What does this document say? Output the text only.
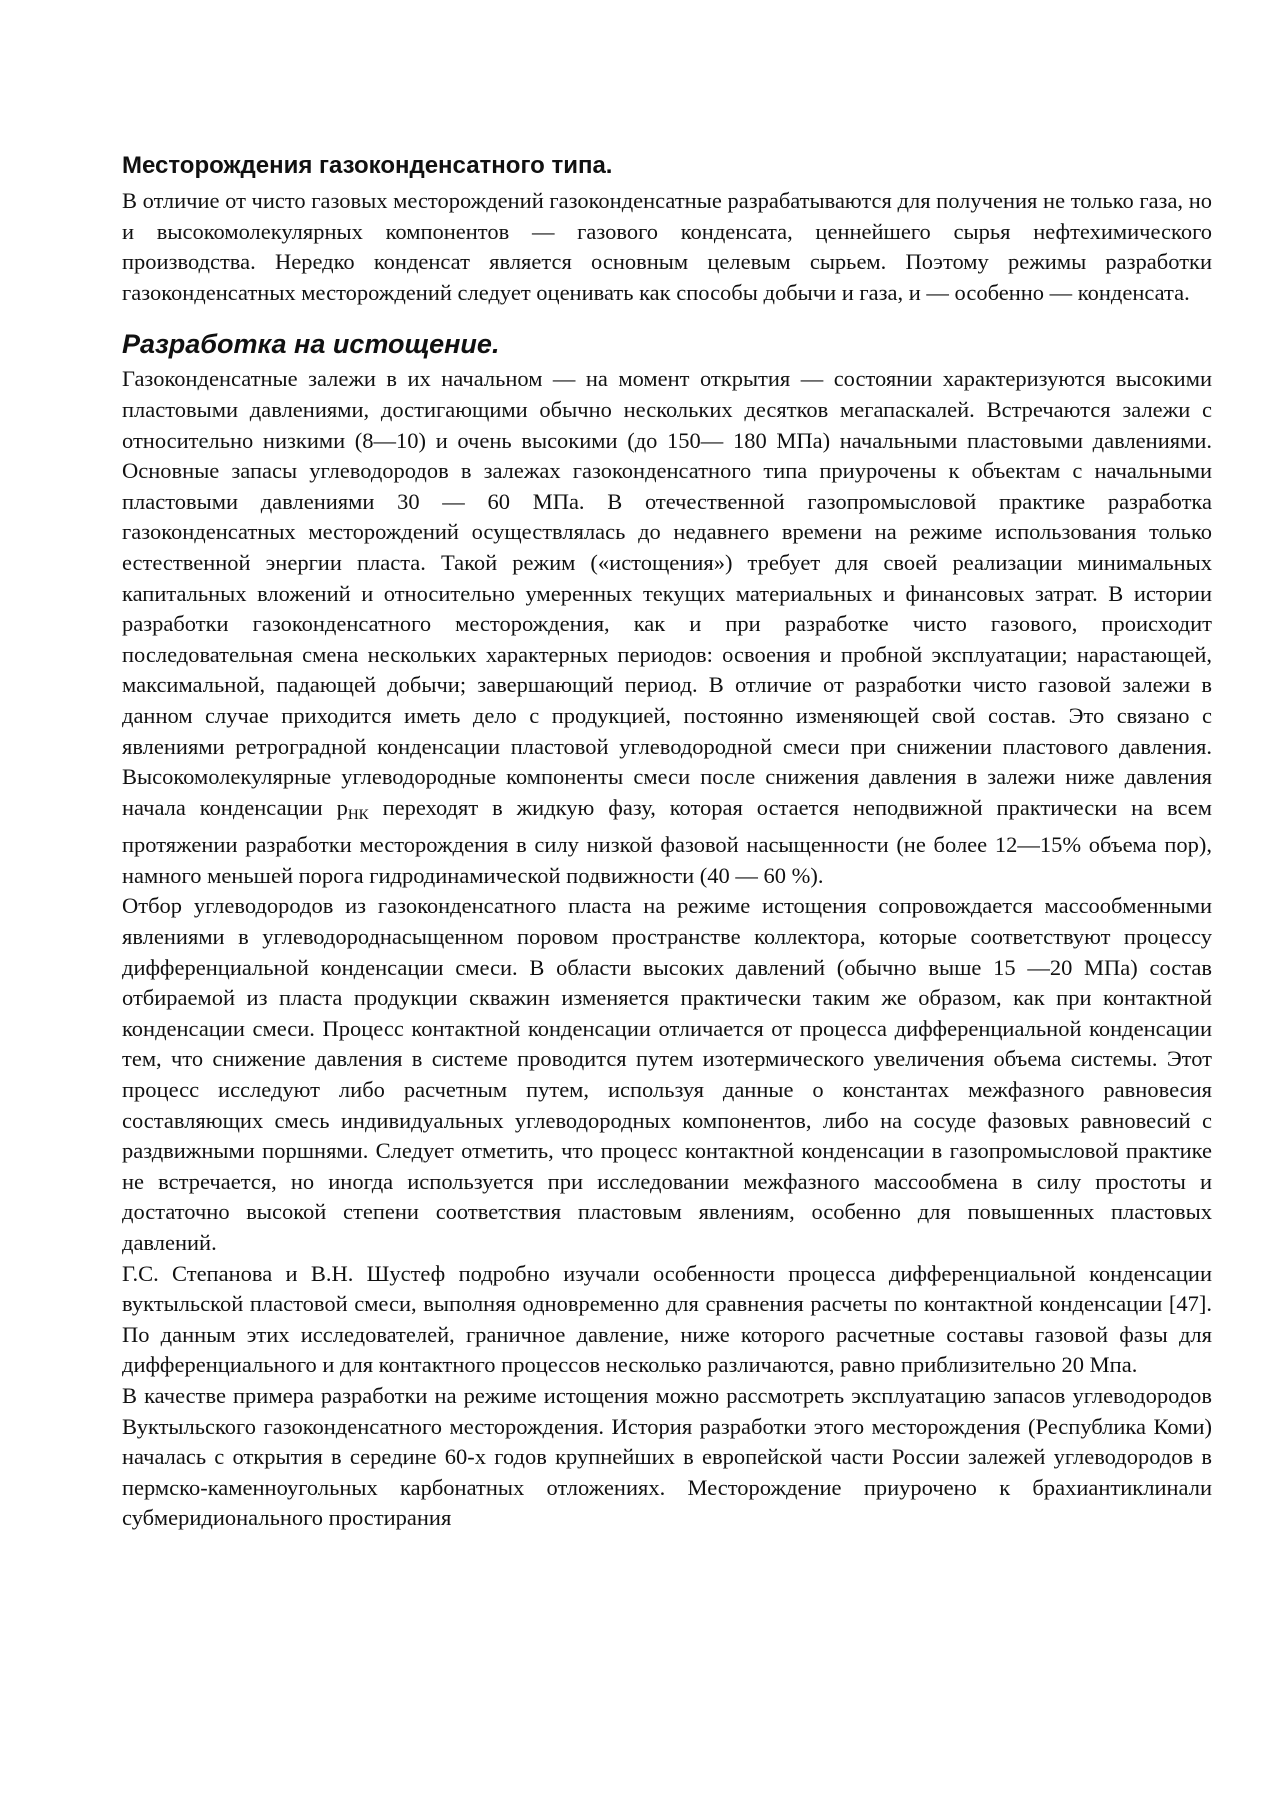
Месторождения газоконденсатного типа.

В отличие от чисто газовых месторождений газоконденсатные разрабатываются для получения не только газа, но и высокомолекулярных компонентов — газового конденсата, ценнейшего сырья нефтехимического производства. Нередко конденсат является основным целевым сырьем. Поэтому режимы разработки газоконденсатных месторождений следует оценивать как способы добычи и газа, и — особенно — конденсата.

Разработка на истощение.

Газоконденсатные залежи в их начальном — на момент открытия — состоянии характеризуются высокими пластовыми давлениями, достигающими обычно нескольких десятков мегапаскалей. Встречаются залежи с относительно низкими (8—10) и очень высокими (до 150— 180 МПа) начальными пластовыми давлениями. Основные запасы углеводородов в залежах газоконденсатного типа приурочены к объектам с начальными пластовыми давлениями 30 — 60 МПа. В отечественной газопромысловой практике разработка газоконденсатных месторождений осуществлялась до недавнего времени на режиме использования только естественной энергии пласта. Такой режим («истощения») требует для своей реализации минимальных капитальных вложений и относительно умеренных текущих материальных и финансовых затрат. В истории разработки газоконденсатного месторождения, как и при разработке чисто газового, происходит последовательная смена нескольких характерных периодов: освоения и пробной эксплуатации; нарастающей, максимальной, падающей добычи; завершающий период. В отличие от разработки чисто газовой залежи в данном случае приходится иметь дело с продукцией, постоянно изменяющей свой состав. Это связано с явлениями ретроградной конденсации пластовой углеводородной смеси при снижении пластового давления. Высокомолекулярные углеводородные компоненты смеси после снижения давления в залежи ниже давления начала конденсации $р_{НК}$ переходят в жидкую фазу, которая остается неподвижной практически на всем протяжении разработки месторождения в силу низкой фазовой насыщенности (не более 12—15% объема пор), намного меньшей порога гидродинамической подвижности (40 — 60 %).

Отбор углеводородов из газоконденсатного пласта на режиме истощения сопровождается массообменными явлениями в углеводороднасыщенном поровом пространстве коллектора, которые соответствуют процессу дифференциальной конденсации смеси. В области высоких давлений (обычно выше 15 —20 МПа) состав отбираемой из пласта продукции скважин изменяется практически таким же образом, как при контактной конденсации смеси. Процесс контактной конденсации отличается от процесса дифференциальной конденсации тем, что снижение давления в системе проводится путем изотермического увеличения объема системы. Этот процесс исследуют либо расчетным путем, используя данные о константах межфазного равновесия составляющих смесь индивидуальных углеводородных компонентов, либо на сосуде фазовых равновесий с раздвижными поршнями. Следует отметить, что процесс контактной конденсации в газопромысловой практике не встречается, но иногда используется при исследовании межфазного массообмена в силу простоты и достаточно высокой степени соответствия пластовым явлениям, особенно для повышенных пластовых давлений.

Г.С. Степанова и В.Н. Шустеф подробно изучали особенности процесса дифференциальной конденсации вуктыльской пластовой смеси, выполняя одновременно для сравнения расчеты по контактной конденсации [47]. По данным этих исследователей, граничное давление, ниже которого расчетные составы газовой фазы для дифференциального и для контактного процессов несколько различаются, равно приблизительно 20 Мпа.

В качестве примера разработки на режиме истощения можно рассмотреть эксплуатацию запасов углеводородов Вуктыльского газоконденсатного месторождения. История разработки этого месторождения (Республика Коми) началась с открытия в середине 60-х годов крупнейших в европейской части России залежей углеводородов в пермско-каменноугольных карбонатных отложениях. Месторождение приурочено к брахиантиклинали субмеридионального простирания
